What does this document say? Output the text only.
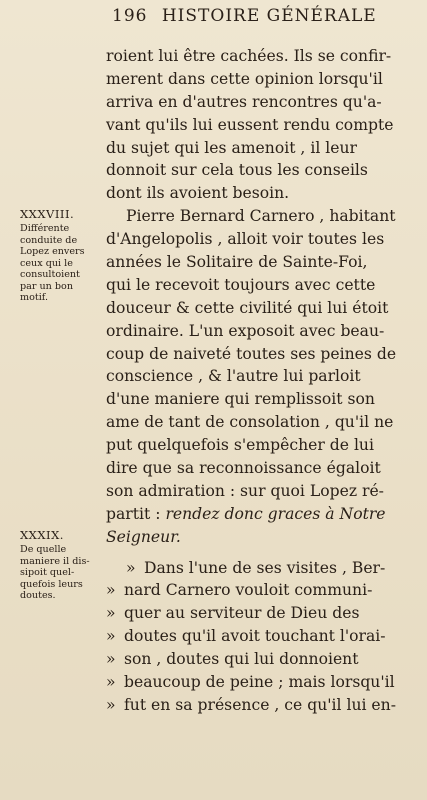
196 HISTOIRE GÉNÉRALE
XXXVIII.
Différente
conduite de
Lopez envers
ceux qui le
consultoient
par un bon
motif.
XXXIX.
De quelle
maniere il dis-
sipoit quel-
quefois leurs
doutes.
roient lui être cachées. Ils se confir-
merent dans cette opinion lorsqu'il
arriva en d'autres rencontres qu'a-
vant qu'ils lui eussent rendu compte
du sujet qui les amenoit , il leur
donnoit sur cela tous les conseils
dont ils avoient besoin.
Pierre Bernard Carnero , habitant
d'Angelopolis , alloit voir toutes les
années le Solitaire de Sainte-Foi,
qui le recevoit toujours avec cette
douceur & cette civilité qui lui étoit
ordinaire. L'un exposoit avec beau-
coup de naiveté toutes ses peines de
conscience , & l'autre lui parloit
d'une maniere qui remplissoit son
ame de tant de consolation , qu'il ne
put quelquefois s'empêcher de lui
dire que sa reconnoissance égaloit
son admiration : sur quoi Lopez ré-
partit : rendez donc graces à Notre
Seigneur.
» Dans l'une de ses visites , Ber-
» nard Carnero vouloit communi-
» quer au serviteur de Dieu des
» doutes qu'il avoit touchant l'orai-
» son , doutes qui lui donnoient
» beaucoup de peine ; mais lorsqu'il
» fut en sa présence , ce qu'il lui en-
